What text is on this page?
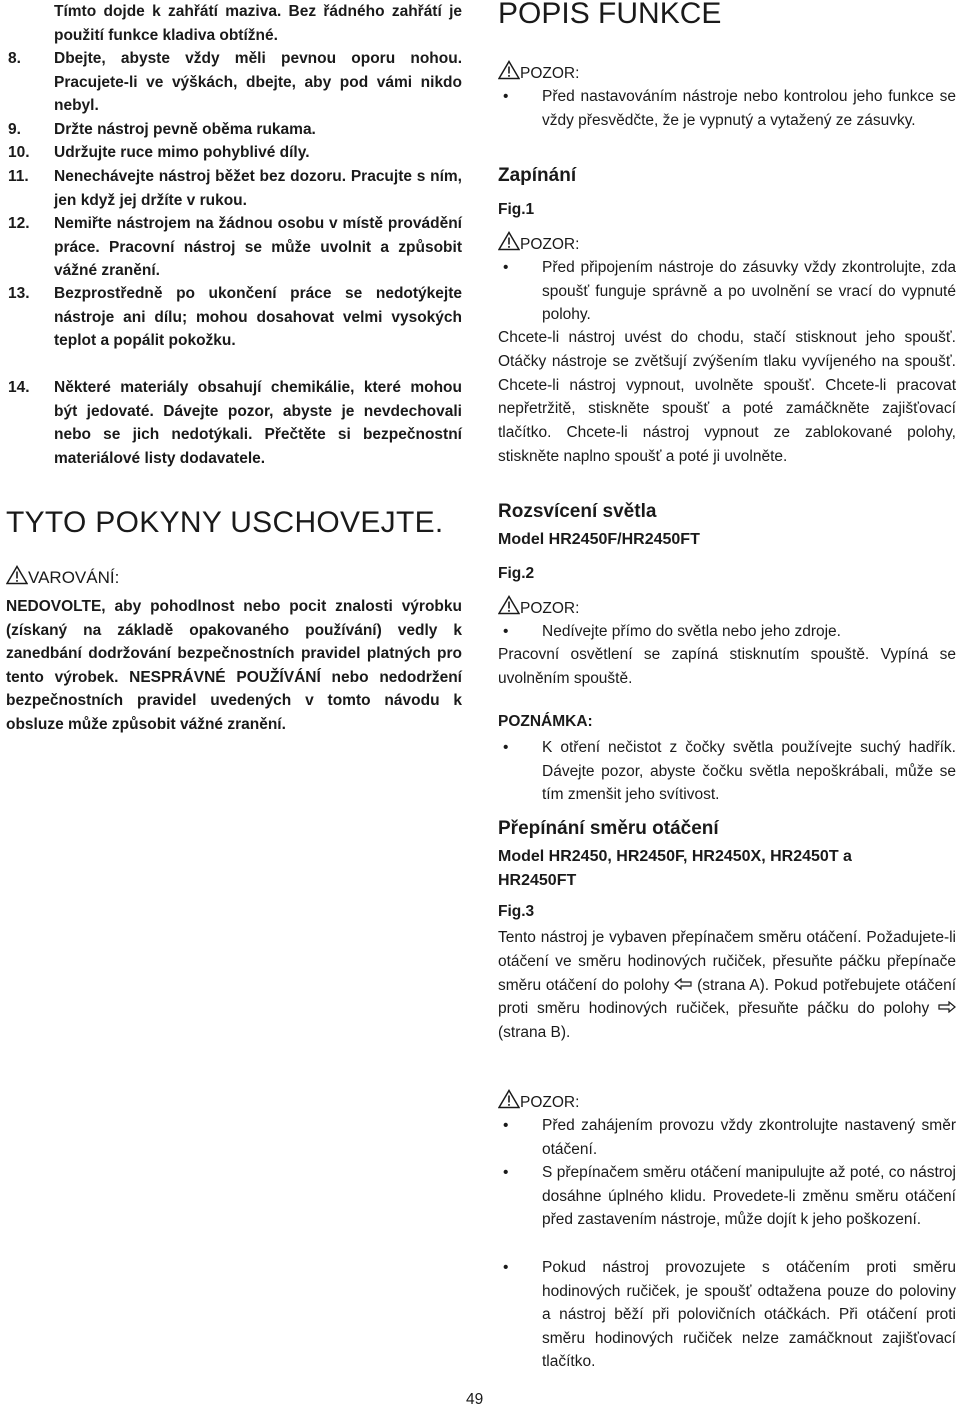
Tímto dojde k zahřátí maziva. Bez řádného zahřátí je použití funkce kladiva obtížné.
8.	Dbejte, abyste vždy měli pevnou oporu nohou. Pracujete-li ve výškách, dbejte, aby pod vámi nikdo nebyl.
9.	Držte nástroj pevně oběma rukama.
10.	Udržujte ruce mimo pohyblivé díly.
11.	Nenechávejte nástroj běžet bez dozoru. Pracujte s ním, jen když jej držíte v rukou.
12.	Nemiřte nástrojem na žádnou osobu v místě provádění práce. Pracovní nástroj se může uvolnit a způsobit vážné zranění.
13.	Bezprostředně po ukončení práce se nedotýkejte nástroje ani dílu; mohou dosahovat velmi vysokých teplot a popálit pokožku.
14.	Některé materiály obsahují chemikálie, které mohou být jedovaté. Dávejte pozor, abyste je nevdechovali nebo se jich nedotýkali. Přečtěte si bezpečnostní materiálové listy dodavatele.
TYTO POKYNY USCHOVEJTE.
VAROVÁNÍ:
NEDOVOLTE, aby pohodlnost nebo pocit znalosti výrobku (získaný na základě opakovaného používání) vedly k zanedbání dodržování bezpečnostních pravidel platných pro tento výrobek. NESPRÁVNÉ POUŽÍVÁNÍ nebo nedodržení bezpečnostních pravidel uvedených v tomto návodu k obsluze může způsobit vážné zranění.
POPIS FUNKCE
POZOR:
• Před nastavováním nástroje nebo kontrolou jeho funkce se vždy přesvědčte, že je vypnutý a vytažený ze zásuvky.
Zapínání
Fig.1
POZOR:
• Před připojením nástroje do zásuvky vždy zkontrolujte, zda spoušť funguje správně a po uvolnění se vrací do vypnuté polohy.
Chcete-li nástroj uvést do chodu, stačí stisknout jeho spoušť. Otáčky nástroje se zvětšují zvýšením tlaku vyvíjeného na spoušť. Chcete-li nástroj vypnout, uvolněte spoušť. Chcete-li pracovat nepřetržitě, stiskněte spoušť a poté zamáčkněte zajišťovací tlačítko. Chcete-li nástroj vypnout ze zablokované polohy, stiskněte naplno spoušť a poté ji uvolněte.
Rozsvícení světla
Model HR2450F/HR2450FT
Fig.2
POZOR:
• Nedívejte přímo do světla nebo jeho zdroje.
Pracovní osvětlení se zapíná stisknutím spouště. Vypíná se uvolněním spouště.
POZNÁMKA:
• K otření nečistot z čočky světla používejte suchý hadřík. Dávejte pozor, abyste čočku světla nepoškrábali, může se tím zmenšit jeho svítivost.
Přepínání směru otáčení
Model HR2450, HR2450F, HR2450X, HR2450T a HR2450FT
Fig.3
Tento nástroj je vybaven přepínačem směru otáčení. Požadujete-li otáčení ve směru hodinových ručiček, přesuňte páčku přepínače směru otáčení do polohy (strana A). Pokud potřebujete otáčení proti směru hodinových ručiček, přesuňte páčku do polohy  (strana B).
POZOR:
• Před zahájením provozu vždy zkontrolujte nastavený směr otáčení.
• S přepínačem směru otáčení manipulujte až poté, co nástroj dosáhne úplného klidu. Provedete-li změnu směru otáčení před zastavením nástroje, může dojít k jeho poškození.
• Pokud nástroj provozujete s otáčením proti směru hodinových ručiček, je spoušť odtažena pouze do poloviny a nástroj běží při polovičních otáčkách. Při otáčení proti směru hodinových ručiček nelze zamáčknout zajišťovací tlačítko.
49
